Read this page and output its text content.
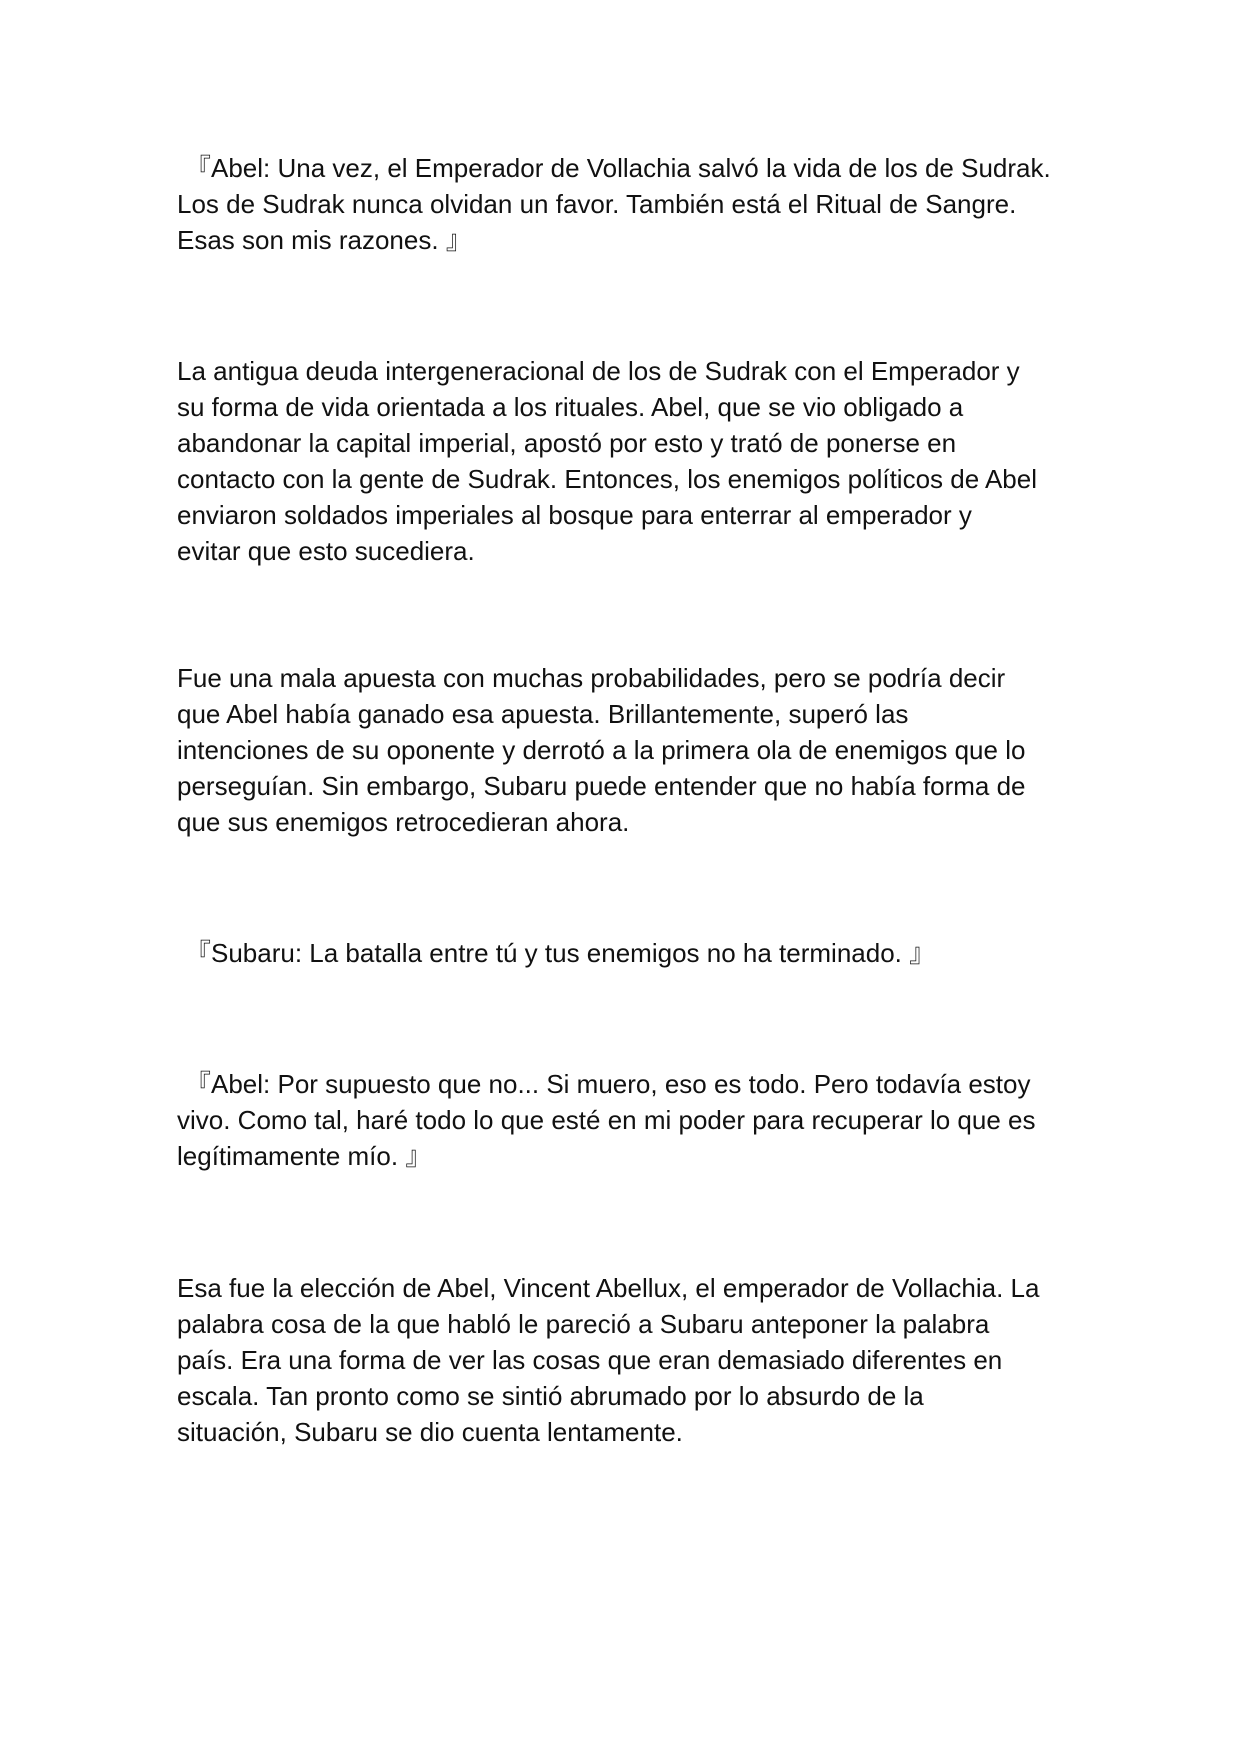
『Abel: Una vez, el Emperador de Vollachia salvó la vida de los de Sudrak.
Los de Sudrak nunca olvidan un favor. También está el Ritual de Sangre.
Esas son mis razones. 』

La antigua deuda intergeneracional de los de Sudrak con el Emperador y
su forma de vida orientada a los rituales. Abel, que se vio obligado a
abandonar la capital imperial, apostó por esto y trató de ponerse en
contacto con la gente de Sudrak. Entonces, los enemigos políticos de Abel
enviaron soldados imperiales al bosque para enterrar al emperador y
evitar que esto sucediera.

Fue una mala apuesta con muchas probabilidades, pero se podría decir
que Abel había ganado esa apuesta. Brillantemente, superó las
intenciones de su oponente y derrotó a la primera ola de enemigos que lo
perseguían. Sin embargo, Subaru puede entender que no había forma de
que sus enemigos retrocedieran ahora.

『Subaru: La batalla entre tú y tus enemigos no ha terminado. 』

『Abel: Por supuesto que no... Si muero, eso es todo. Pero todavía estoy
vivo. Como tal, haré todo lo que esté en mi poder para recuperar lo que es
legítimamente mío. 』

Esa fue la elección de Abel, Vincent Abellux, el emperador de Vollachia. La
palabra cosa de la que habló le pareció a Subaru anteponer la palabra
país. Era una forma de ver las cosas que eran demasiado diferentes en
escala. Tan pronto como se sintió abrumado por lo absurdo de la
situación, Subaru se dio cuenta lentamente.
